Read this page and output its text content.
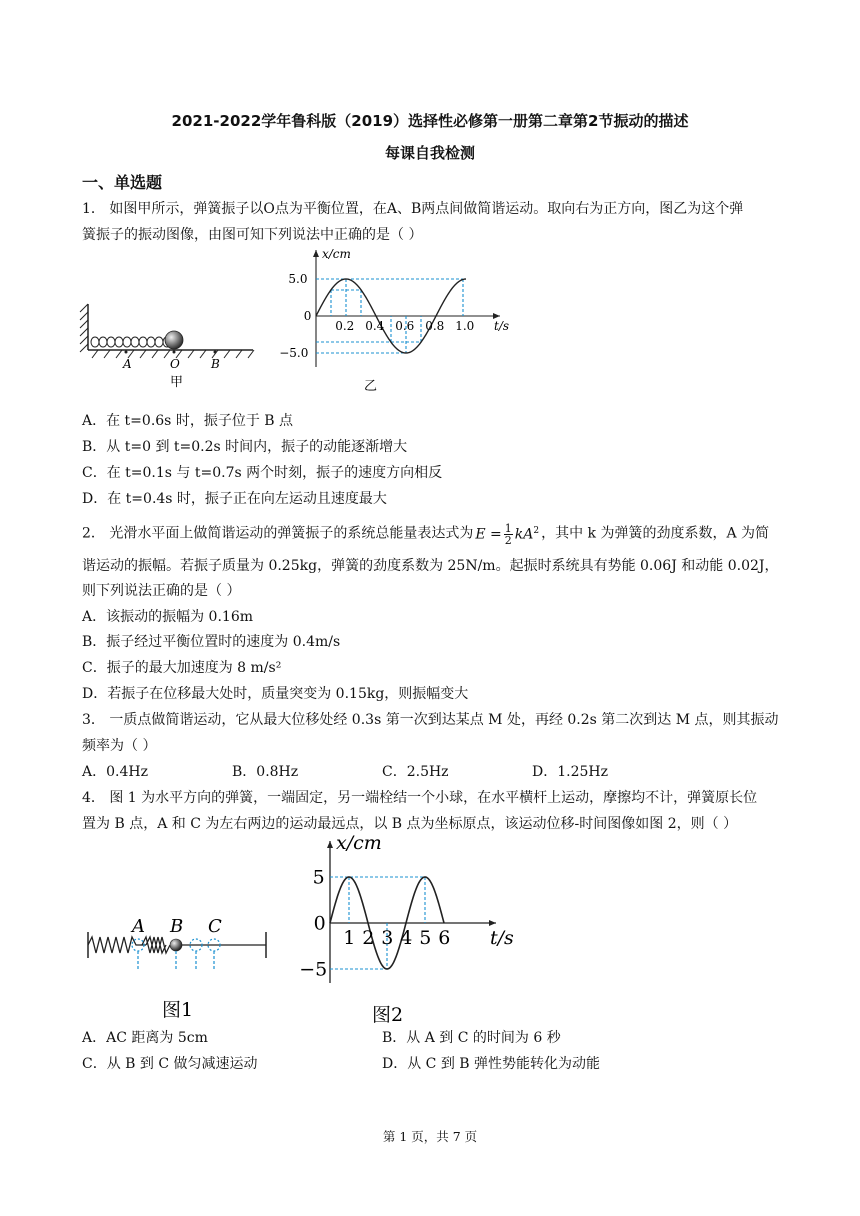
2021-2022学年鲁科版（2019）选择性必修第一册第二章第2节振动的描述
每课自我检测
一、单选题
1． 如图甲所示，弹簧振子以O点为平衡位置，在A、B两点间做简谐运动。取向右为正方向，图乙为这个弹
簧振子的振动图像，由图可知下列说法中正确的是（ ）
A	O	B
甲	乙
x/cm
t/s
5.0
−5.0
0
0.2 0.4 0.6 0.8 1.0
A．在 t=0.6s 时，振子位于 B 点
B．从 t=0 到 t=0.2s 时间内，振子的动能逐渐增大
C．在 t=0.1s 与 t=0.7s 两个时刻，振子的速度方向相反
D．在 t=0.4s 时，振子正在向左运动且速度最大
2． 光滑水平面上做简谐运动的弹簧振子的系统总能量表达式为 $E = \frac{1}{2} kA^2$ ，其中 k 为弹簧的劲度系数，A 为简
谐运动的振幅。若振子质量为 0.25kg，弹簧的劲度系数为 25N/m。起振时系统具有势能 0.06J 和动能 0.02J，
则下列说法正确的是（ ）
A．该振动的振幅为 0.16m
B．振子经过平衡位置时的速度为 0.4m/s
C．振子的最大加速度为 8 m/s²
D．若振子在位移最大处时，质量突变为 0.15kg，则振幅变大
3． 一质点做简谐运动，它从最大位移处经 0.3s 第一次到达某点 M 处，再经 0.2s 第二次到达 M 点，则其振动
频率为（ ）
A．0.4Hz	B．0.8Hz	C．2.5Hz	D．1.25Hz
4． 图 1 为水平方向的弹簧，一端固定，另一端栓结一个小球，在水平横杆上运动，摩擦均不计，弹簧原长位
置为 B 点，A 和 C 为左右两边的运动最远点，以 B 点为坐标原点，该运动位移-时间图像如图 2，则（ ）
A B C
图1	图2
x/cm
t/s
5
−5
0
1 2 3 4 5 6
A．AC 距离为 5cm	B．从 A 到 C 的时间为 6 秒
C．从 B 到 C 做匀减速运动	D．从 C 到 B 弹性势能转化为动能
第 1 页，共 7 页
